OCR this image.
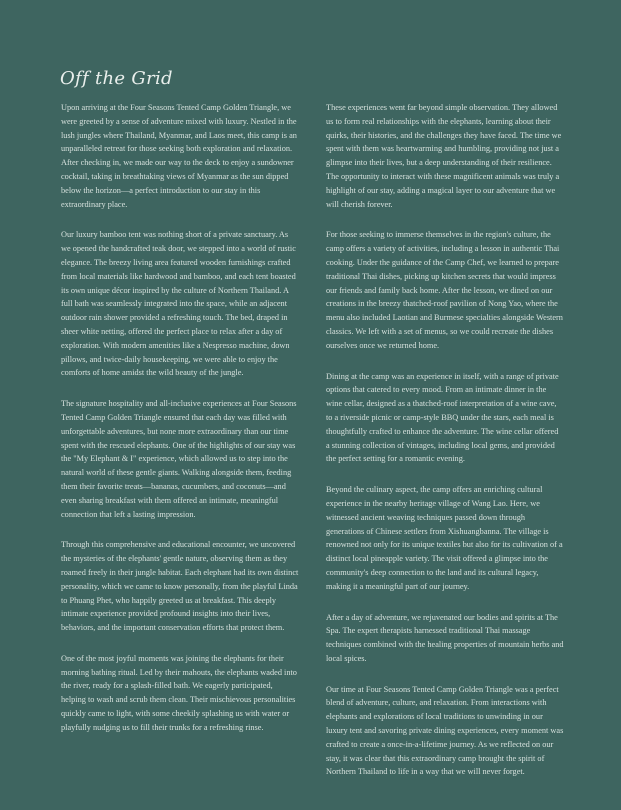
Off the Grid

Upon arriving at the Four Seasons Tented Camp Golden Triangle, we were greeted by a sense of adventure mixed with luxury. Nestled in the lush jungles where Thailand, Myanmar, and Laos meet, this camp is an unparalleled retreat for those seeking both exploration and relaxation. After checking in, we made our way to the deck to enjoy a sundowner cocktail, taking in breathtaking views of Myanmar as the sun dipped below the horizon—a perfect introduction to our stay in this extraordinary place.

Our luxury bamboo tent was nothing short of a private sanctuary. As we opened the handcrafted teak door, we stepped into a world of rustic elegance. The breezy living area featured wooden furnishings crafted from local materials like hardwood and bamboo, and each tent boasted its own unique décor inspired by the culture of Northern Thailand. A full bath was seamlessly integrated into the space, while an adjacent outdoor rain shower provided a refreshing touch. The bed, draped in sheer white netting, offered the perfect place to relax after a day of exploration. With modern amenities like a Nespresso machine, down pillows, and twice-daily housekeeping, we were able to enjoy the comforts of home amidst the wild beauty of the jungle.

The signature hospitality and all-inclusive experiences at Four Seasons Tented Camp Golden Triangle ensured that each day was filled with unforgettable adventures, but none more extraordinary than our time spent with the rescued elephants. One of the highlights of our stay was the "My Elephant & I" experience, which allowed us to step into the natural world of these gentle giants. Walking alongside them, feeding them their favorite treats—bananas, cucumbers, and coconuts—and even sharing breakfast with them offered an intimate, meaningful connection that left a lasting impression.

Through this comprehensive and educational encounter, we uncovered the mysteries of the elephants' gentle nature, observing them as they roamed freely in their jungle habitat. Each elephant had its own distinct personality, which we came to know personally, from the playful Linda to Phuang Phet, who happily greeted us at breakfast. This deeply intimate experience provided profound insights into their lives, behaviors, and the important conservation efforts that protect them.

One of the most joyful moments was joining the elephants for their morning bathing ritual. Led by their mahouts, the elephants waded into the river, ready for a splash-filled bath. We eagerly participated, helping to wash and scrub them clean. Their mischievous personalities quickly came to light, with some cheekily splashing us with water or playfully nudging us to fill their trunks for a refreshing rinse.

These experiences went far beyond simple observation. They allowed us to form real relationships with the elephants, learning about their quirks, their histories, and the challenges they have faced. The time we spent with them was heartwarming and humbling, providing not just a glimpse into their lives, but a deep understanding of their resilience. The opportunity to interact with these magnificent animals was truly a highlight of our stay, adding a magical layer to our adventure that we will cherish forever.

For those seeking to immerse themselves in the region's culture, the camp offers a variety of activities, including a lesson in authentic Thai cooking. Under the guidance of the Camp Chef, we learned to prepare traditional Thai dishes, picking up kitchen secrets that would impress our friends and family back home. After the lesson, we dined on our creations in the breezy thatched-roof pavilion of Nong Yao, where the menu also included Laotian and Burmese specialties alongside Western classics. We left with a set of menus, so we could recreate the dishes ourselves once we returned home.

Dining at the camp was an experience in itself, with a range of private options that catered to every mood. From an intimate dinner in the wine cellar, designed as a thatched-roof interpretation of a wine cave, to a riverside picnic or camp-style BBQ under the stars, each meal is thoughtfully crafted to enhance the adventure. The wine cellar offered a stunning collection of vintages, including local gems, and provided the perfect setting for a romantic evening.

Beyond the culinary aspect, the camp offers an enriching cultural experience in the nearby heritage village of Wang Lao. Here, we witnessed ancient weaving techniques passed down through generations of Chinese settlers from Xishuangbanna. The village is renowned not only for its unique textiles but also for its cultivation of a distinct local pineapple variety. The visit offered a glimpse into the community's deep connection to the land and its cultural legacy, making it a meaningful part of our journey.

After a day of adventure, we rejuvenated our bodies and spirits at The Spa. The expert therapists harnessed traditional Thai massage techniques combined with the healing properties of mountain herbs and local spices.

Our time at Four Seasons Tented Camp Golden Triangle was a perfect blend of adventure, culture, and relaxation. From interactions with elephants and explorations of local traditions to unwinding in our luxury tent and savoring private dining experiences, every moment was crafted to create a once-in-a-lifetime journey. As we reflected on our stay, it was clear that this extraordinary camp brought the spirit of Northern Thailand to life in a way that we will never forget.
